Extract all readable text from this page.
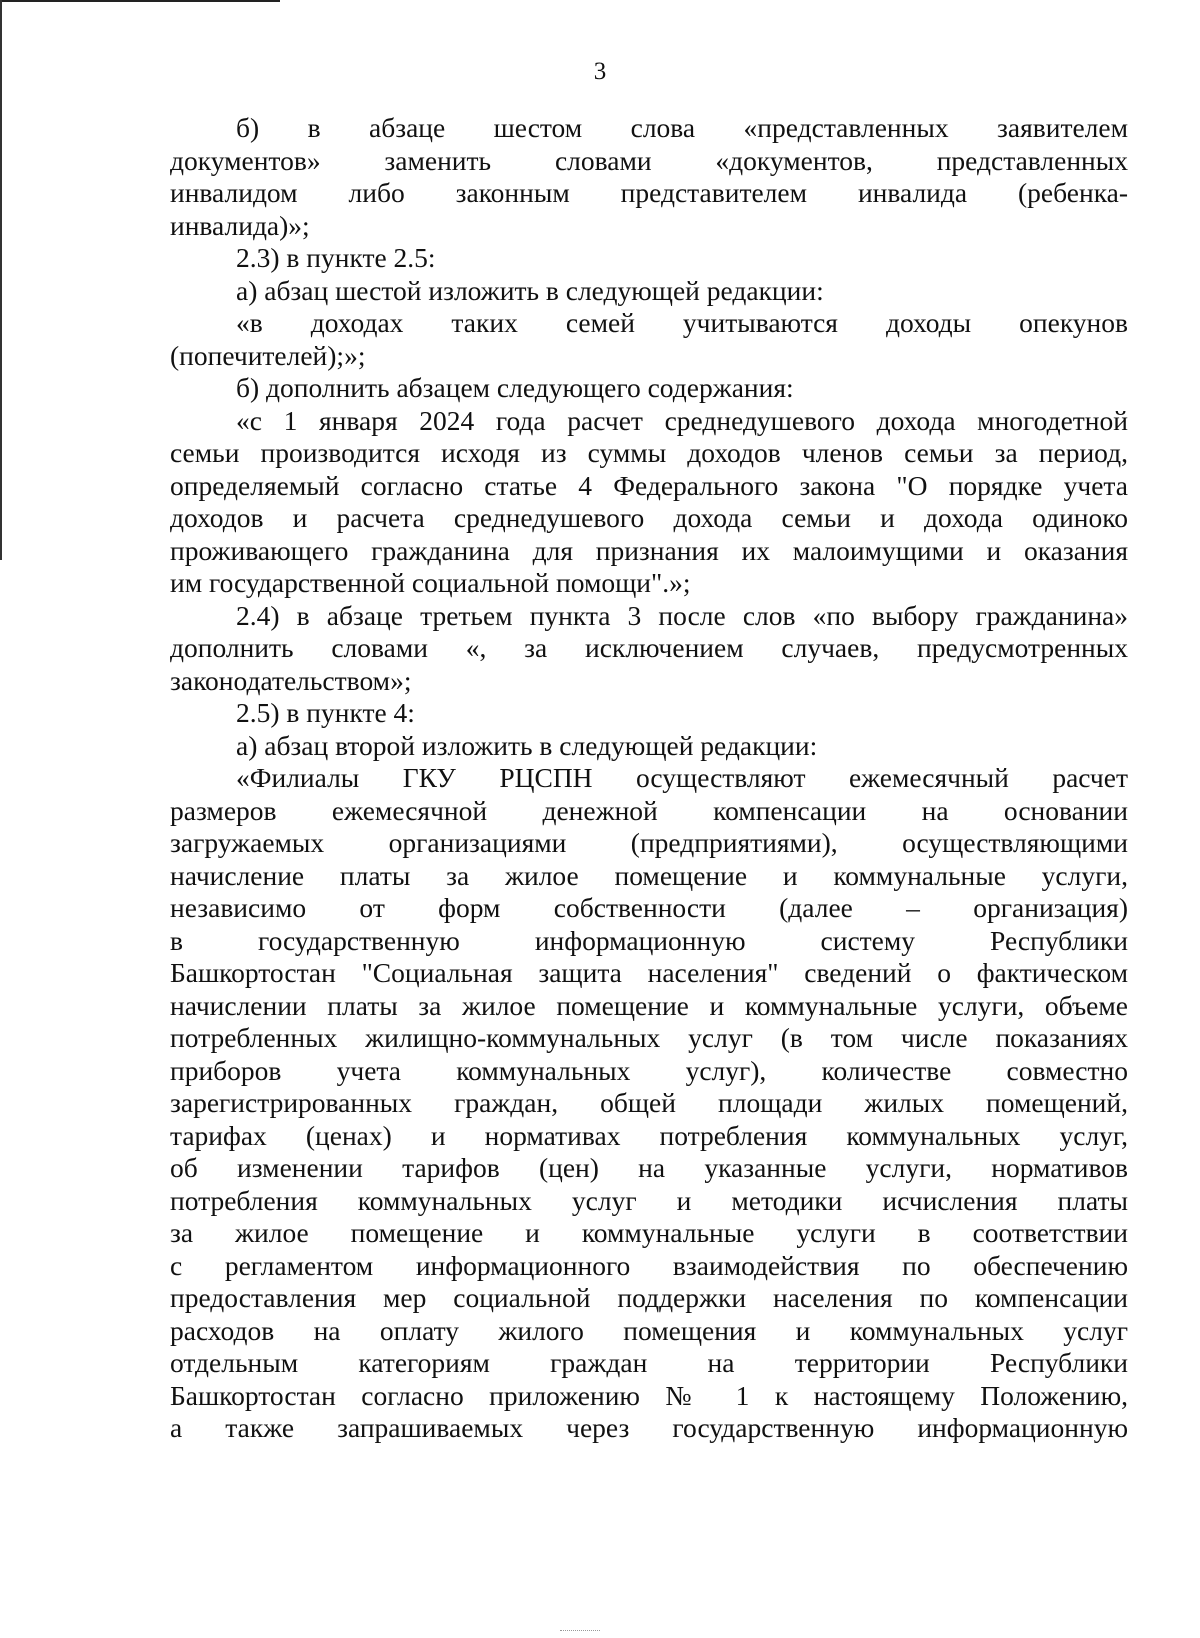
3
б) в абзаце шестом слова «представленных заявителем
документов» заменить словами «документов, представленных
инвалидом либо законным представителем инвалида (ребенка-
инвалида)»;
2.3) в пункте 2.5:
а) абзац шестой изложить в следующей редакции:
«в доходах таких семей учитываются доходы опекунов
(попечителей);»;
б) дополнить абзацем следующего содержания:
«с 1 января 2024 года расчет среднедушевого дохода многодетной
семьи производится исходя из суммы доходов членов семьи за период,
определяемый согласно статье 4 Федерального закона "О порядке учета
доходов и расчета среднедушевого дохода семьи и дохода одиноко
проживающего гражданина для признания их малоимущими и оказания
им государственной социальной помощи".»;
2.4) в абзаце третьем пункта 3 после слов «по выбору гражданина»
дополнить словами «, за исключением случаев, предусмотренных
законодательством»;
2.5) в пункте 4:
а) абзац второй изложить в следующей редакции:
«Филиалы ГКУ РЦСПН осуществляют ежемесячный расчет
размеров ежемесячной денежной компенсации на основании
загружаемых организациями (предприятиями), осуществляющими
начисление платы за жилое помещение и коммунальные услуги,
независимо от форм собственности (далее – организация)
в государственную информационную систему Республики
Башкортостан "Социальная защита населения" сведений о фактическом
начислении платы за жилое помещение и коммунальные услуги, объеме
потребленных жилищно-коммунальных услуг (в том числе показаниях
приборов учета коммунальных услуг), количестве совместно
зарегистрированных граждан, общей площади жилых помещений,
тарифах (ценах) и нормативах потребления коммунальных услуг,
об изменении тарифов (цен) на указанные услуги, нормативов
потребления коммунальных услуг и методики исчисления платы
за жилое помещение и коммунальные услуги в соответствии
с регламентом информационного взаимодействия по обеспечению
предоставления мер социальной поддержки населения по компенсации
расходов на оплату жилого помещения и коммунальных услуг
отдельным категориям граждан на территории Республики
Башкортостан согласно приложению № 1 к настоящему Положению,
а также запрашиваемых через государственную информационную
